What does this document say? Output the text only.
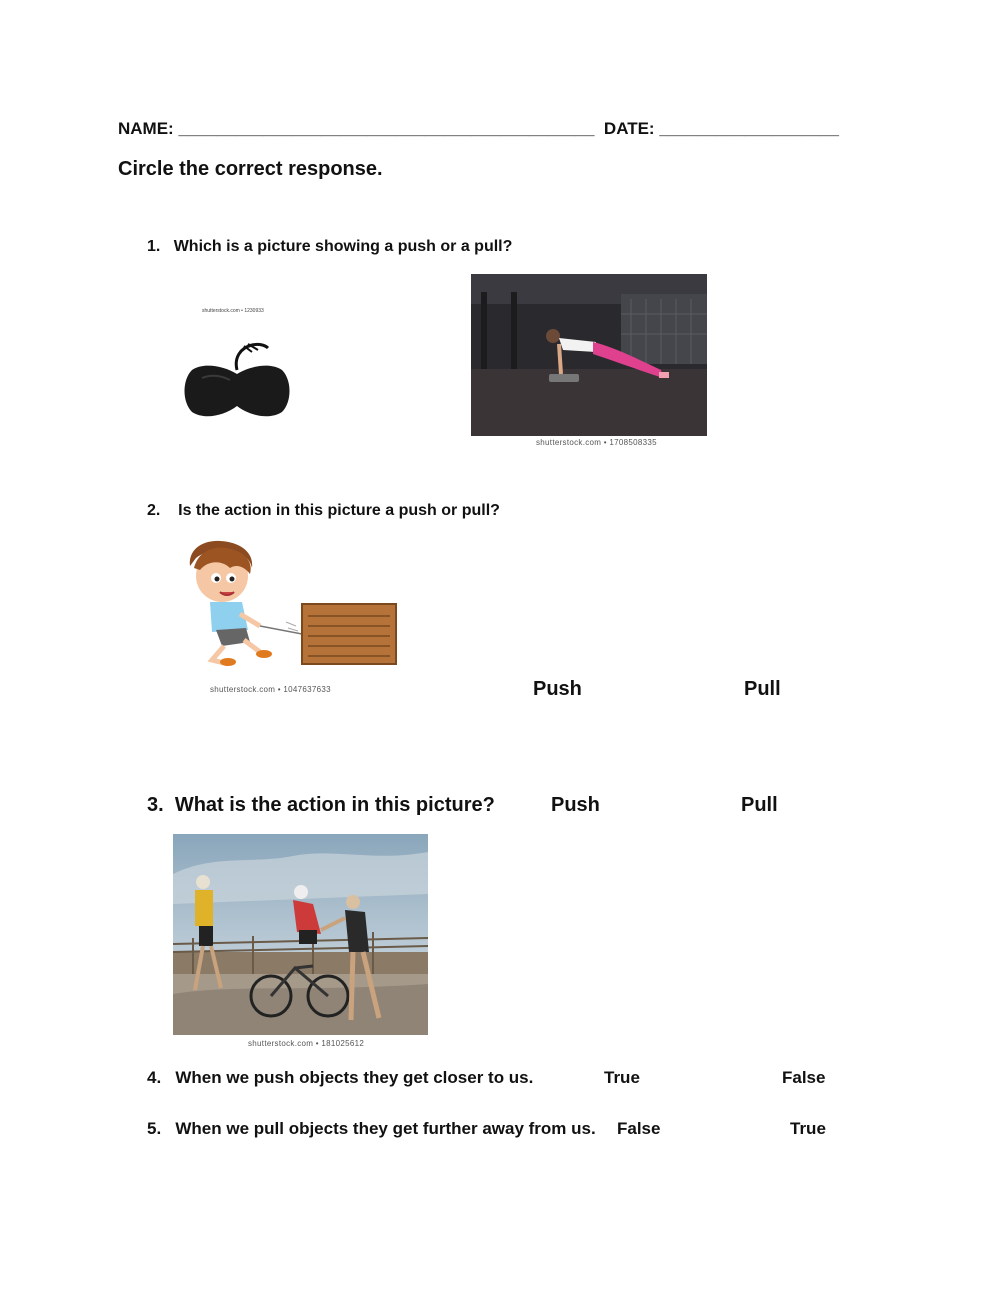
NAME: ____________________________________________ DATE: ___________________
Circle the correct response.
1. Which is a picture showing a push or a pull?
shutterstock.com • 1230933
shutterstock.com • 1708508335
2. Is the action in this picture a push or pull?
shutterstock.com • 1047637633	Push	Pull
3. What is the action in this picture?	Push	Pull
shutterstock.com • 181025612
4. When we push objects they get closer to us.	True	False
5. When we pull objects they get further away from us. False	True
